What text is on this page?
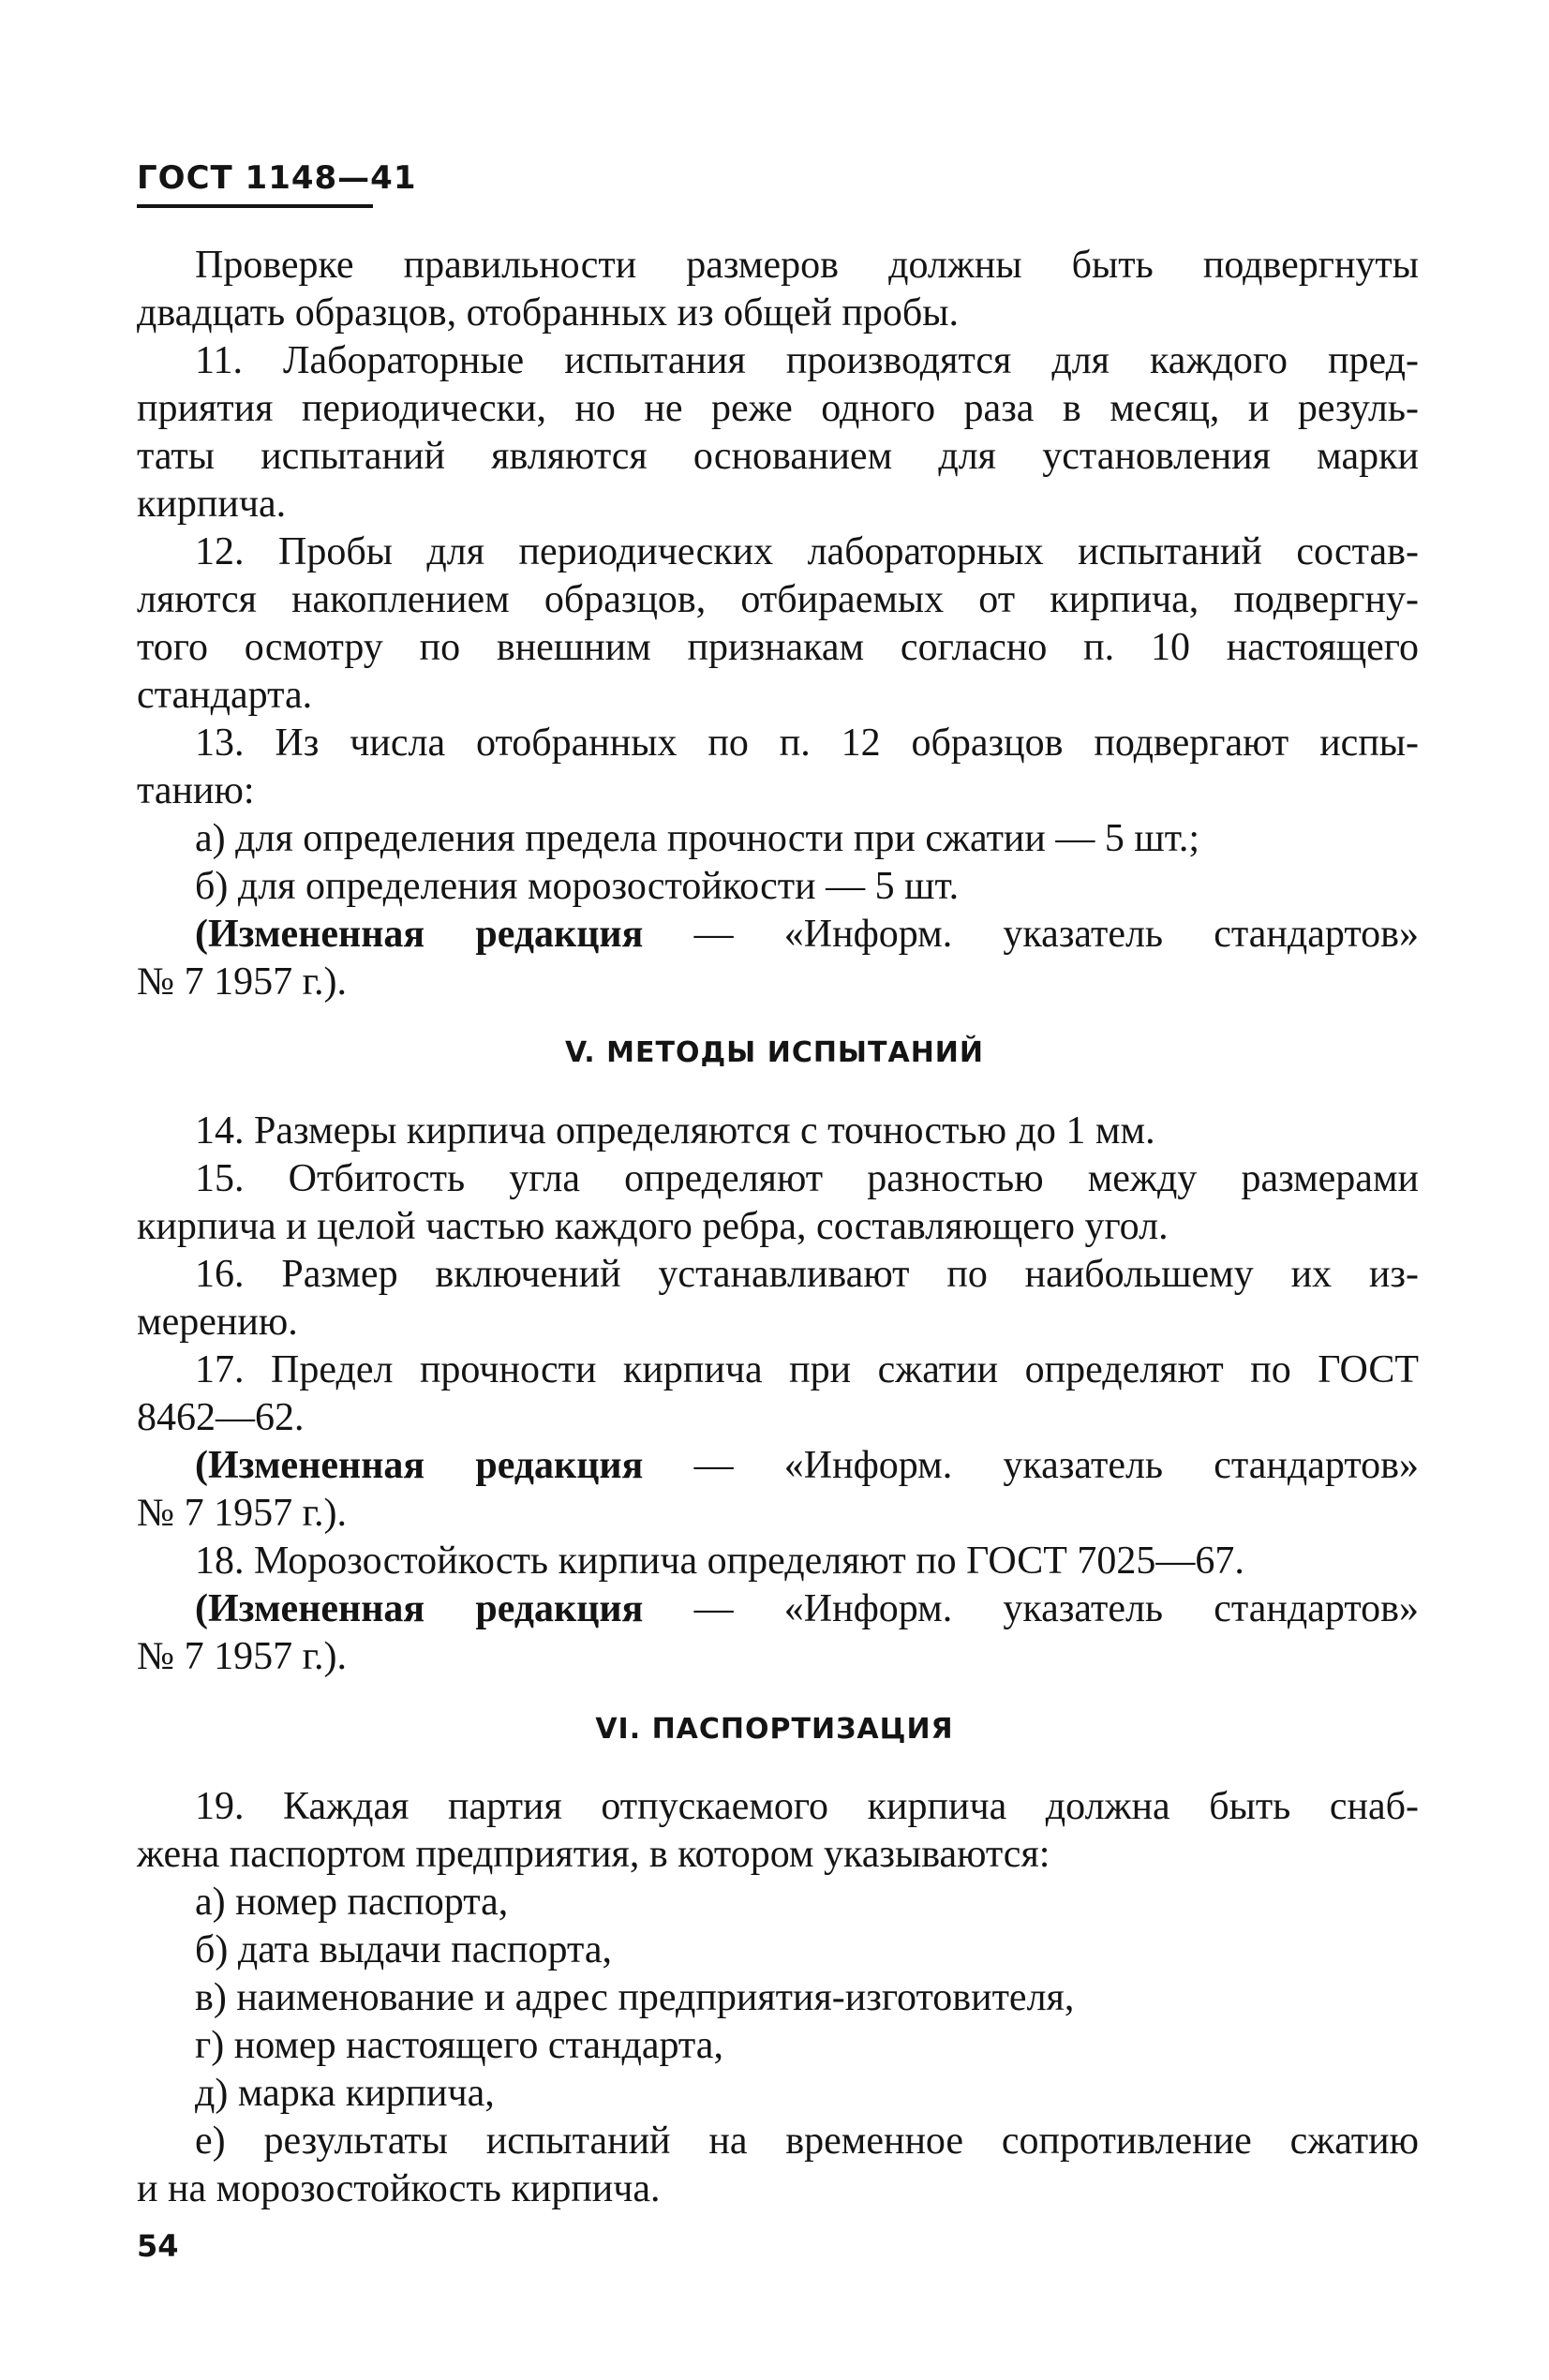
ГОСТ 1148—41
Проверке правильности размеров должны быть подвергнуты
двадцать образцов, отобранных из общей пробы.
11. Лабораторные испытания производятся для каждого пред-
приятия периодически, но не реже одного раза в месяц, и резуль-
таты испытаний являются основанием для установления марки
кирпича.
12. Пробы для периодических лабораторных испытаний состав-
ляются накоплением образцов, отбираемых от кирпича, подвергну-
того осмотру по внешним признакам согласно п. 10 настоящего
стандарта.
13. Из числа отобранных по п. 12 образцов подвергают испы-
танию:
а) для определения предела прочности при сжатии — 5 шт.;
б) для определения морозостойкости — 5 шт.
(Измененная редакция — «Информ. указатель стандартов»
№ 7 1957 г.).
V. МЕТОДЫ ИСПЫТАНИЙ
14. Размеры кирпича определяются с точностью до 1 мм.
15. Отбитость угла определяют разностью между размерами
кирпича и целой частью каждого ребра, составляющего угол.
16. Размер включений устанавливают по наибольшему их из-
мерению.
17. Предел прочности кирпича при сжатии определяют по ГОСТ
8462—62.
(Измененная редакция — «Информ. указатель стандартов»
№ 7 1957 г.).
18. Морозостойкость кирпича определяют по ГОСТ 7025—67.
(Измененная редакция — «Информ. указатель стандартов»
№ 7 1957 г.).
VI. ПАСПОРТИЗАЦИЯ
19. Каждая партия отпускаемого кирпича должна быть снаб-
жена паспортом предприятия, в котором указываются:
а) номер паспорта,
б) дата выдачи паспорта,
в) наименование и адрес предприятия-изготовителя,
г) номер настоящего стандарта,
д) марка кирпича,
е) результаты испытаний на временное сопротивление сжатию
и на морозостойкость кирпича.
54
